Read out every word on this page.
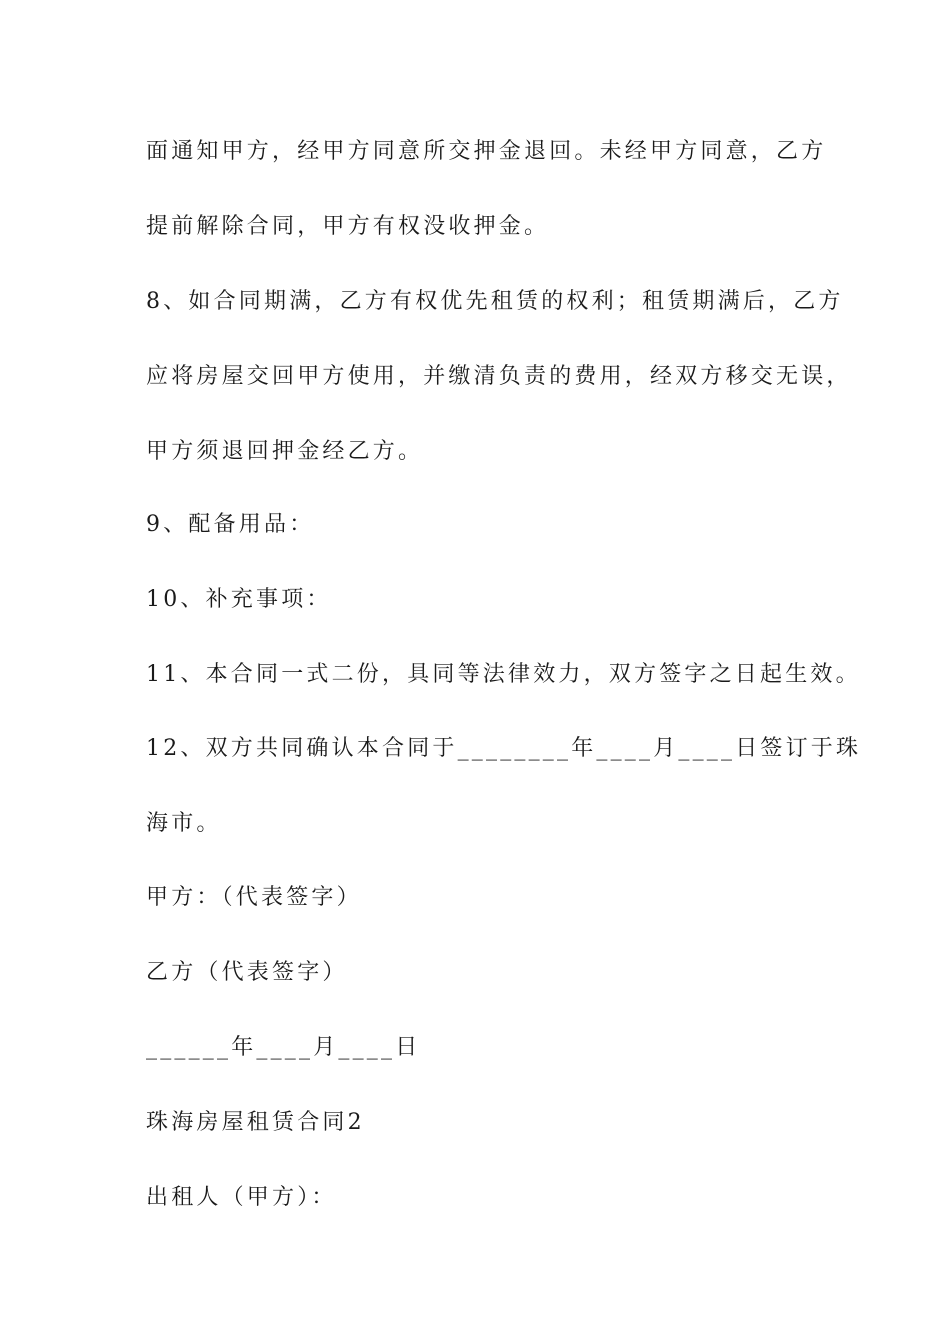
面通知甲方，经甲方同意所交押金退回。未经甲方同意，乙方

提前解除合同，甲方有权没收押金。

8、如合同期满，乙方有权优先租赁的权利；租赁期满后，乙方

应将房屋交回甲方使用，并缴清负责的费用，经双方移交无误，

甲方须退回押金经乙方。

9、配备用品：

10、补充事项：

11、本合同一式二份，具同等法律效力，双方签字之日起生效。

12、双方共同确认本合同于________年____月____日签订于珠

海市。

甲方：（代表签字）

乙方（代表签字）

______年____月____日

珠海房屋租赁合同2

出租人（甲方）：
